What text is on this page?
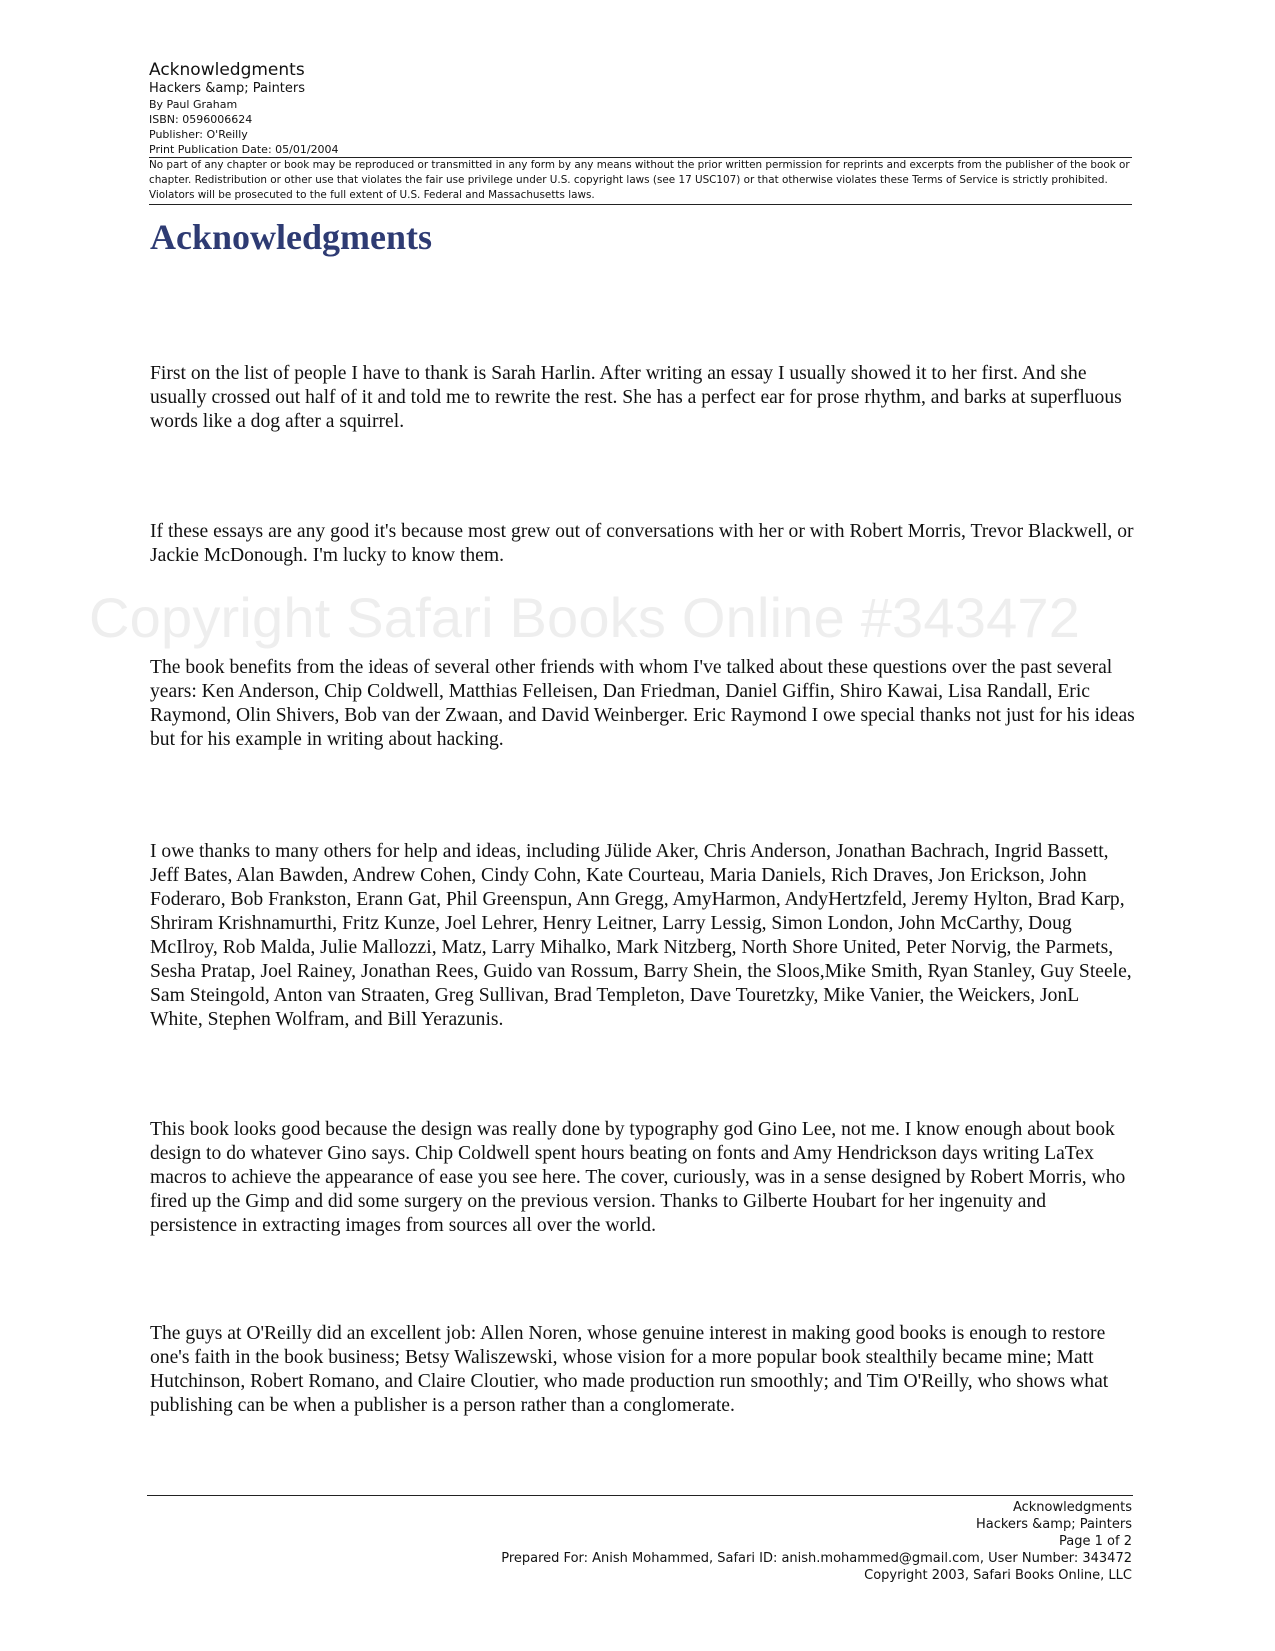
Acknowledgments
Hackers &amp; Painters
By Paul Graham
ISBN: 0596006624
Publisher: O'Reilly
Print Publication Date: 05/01/2004
No part of any chapter or book may be reproduced or transmitted in any form by any means without the prior written permission for reprints and excerpts from the publisher of the book or chapter. Redistribution or other use that violates the fair use privilege under U.S. copyright laws (see 17 USC107) or that otherwise violates these Terms of Service is strictly prohibited. Violators will be prosecuted to the full extent of U.S. Federal and Massachusetts laws.
Acknowledgments
Copyright Safari Books Online #343472

First on the list of people I have to thank is Sarah Harlin. After writing an essay I usually showed it to her first. And she usually crossed out half of it and told me to rewrite the rest. She has a perfect ear for prose rhythm, and barks at superfluous words like a dog after a squirrel.

If these essays are any good it's because most grew out of conversations with her or with Robert Morris, Trevor Blackwell, or Jackie McDonough. I'm lucky to know them.

The book benefits from the ideas of several other friends with whom I've talked about these questions over the past several years: Ken Anderson, Chip Coldwell, Matthias Felleisen, Dan Friedman, Daniel Giffin, Shiro Kawai, Lisa Randall, Eric Raymond, Olin Shivers, Bob van der Zwaan, and David Weinberger. Eric Raymond I owe special thanks not just for his ideas but for his example in writing about hacking.

I owe thanks to many others for help and ideas, including Jülide Aker, Chris Anderson, Jonathan Bachrach, Ingrid Bassett, Jeff Bates, Alan Bawden, Andrew Cohen, Cindy Cohn, Kate Courteau, Maria Daniels, Rich Draves, Jon Erickson, John Foderaro, Bob Frankston, Erann Gat, Phil Greenspun, Ann Gregg, AmyHarmon, AndyHertzfeld, Jeremy Hylton, Brad Karp, Shriram Krishnamurthi, Fritz Kunze, Joel Lehrer, Henry Leitner, Larry Lessig, Simon London, John McCarthy, Doug McIlroy, Rob Malda, Julie Mallozzi, Matz, Larry Mihalko, Mark Nitzberg, North Shore United, Peter Norvig, the Parmets, Sesha Pratap, Joel Rainey, Jonathan Rees, Guido van Rossum, Barry Shein, the Sloos,Mike Smith, Ryan Stanley, Guy Steele, Sam Steingold, Anton van Straaten, Greg Sullivan, Brad Templeton, Dave Touretzky, Mike Vanier, the Weickers, JonL White, Stephen Wolfram, and Bill Yerazunis.

This book looks good because the design was really done by typography god Gino Lee, not me. I know enough about book design to do whatever Gino says. Chip Coldwell spent hours beating on fonts and Amy Hendrickson days writing LaTex macros to achieve the appearance of ease you see here. The cover, curiously, was in a sense designed by Robert Morris, who fired up the Gimp and did some surgery on the previous version. Thanks to Gilberte Houbart for her ingenuity and persistence in extracting images from sources all over the world.

The guys at O'Reilly did an excellent job: Allen Noren, whose genuine interest in making good books is enough to restore one's faith in the book business; Betsy Waliszewski, whose vision for a more popular book stealthily became mine; Matt Hutchinson, Robert Romano, and Claire Cloutier, who made production run smoothly; and Tim O'Reilly, who shows what publishing can be when a publisher is a person rather than a conglomerate.

Acknowledgments
Hackers &amp; Painters
Page 1 of 2
Prepared For: Anish Mohammed, Safari ID: anish.mohammed@gmail.com, User Number: 343472
Copyright 2003, Safari Books Online, LLC
